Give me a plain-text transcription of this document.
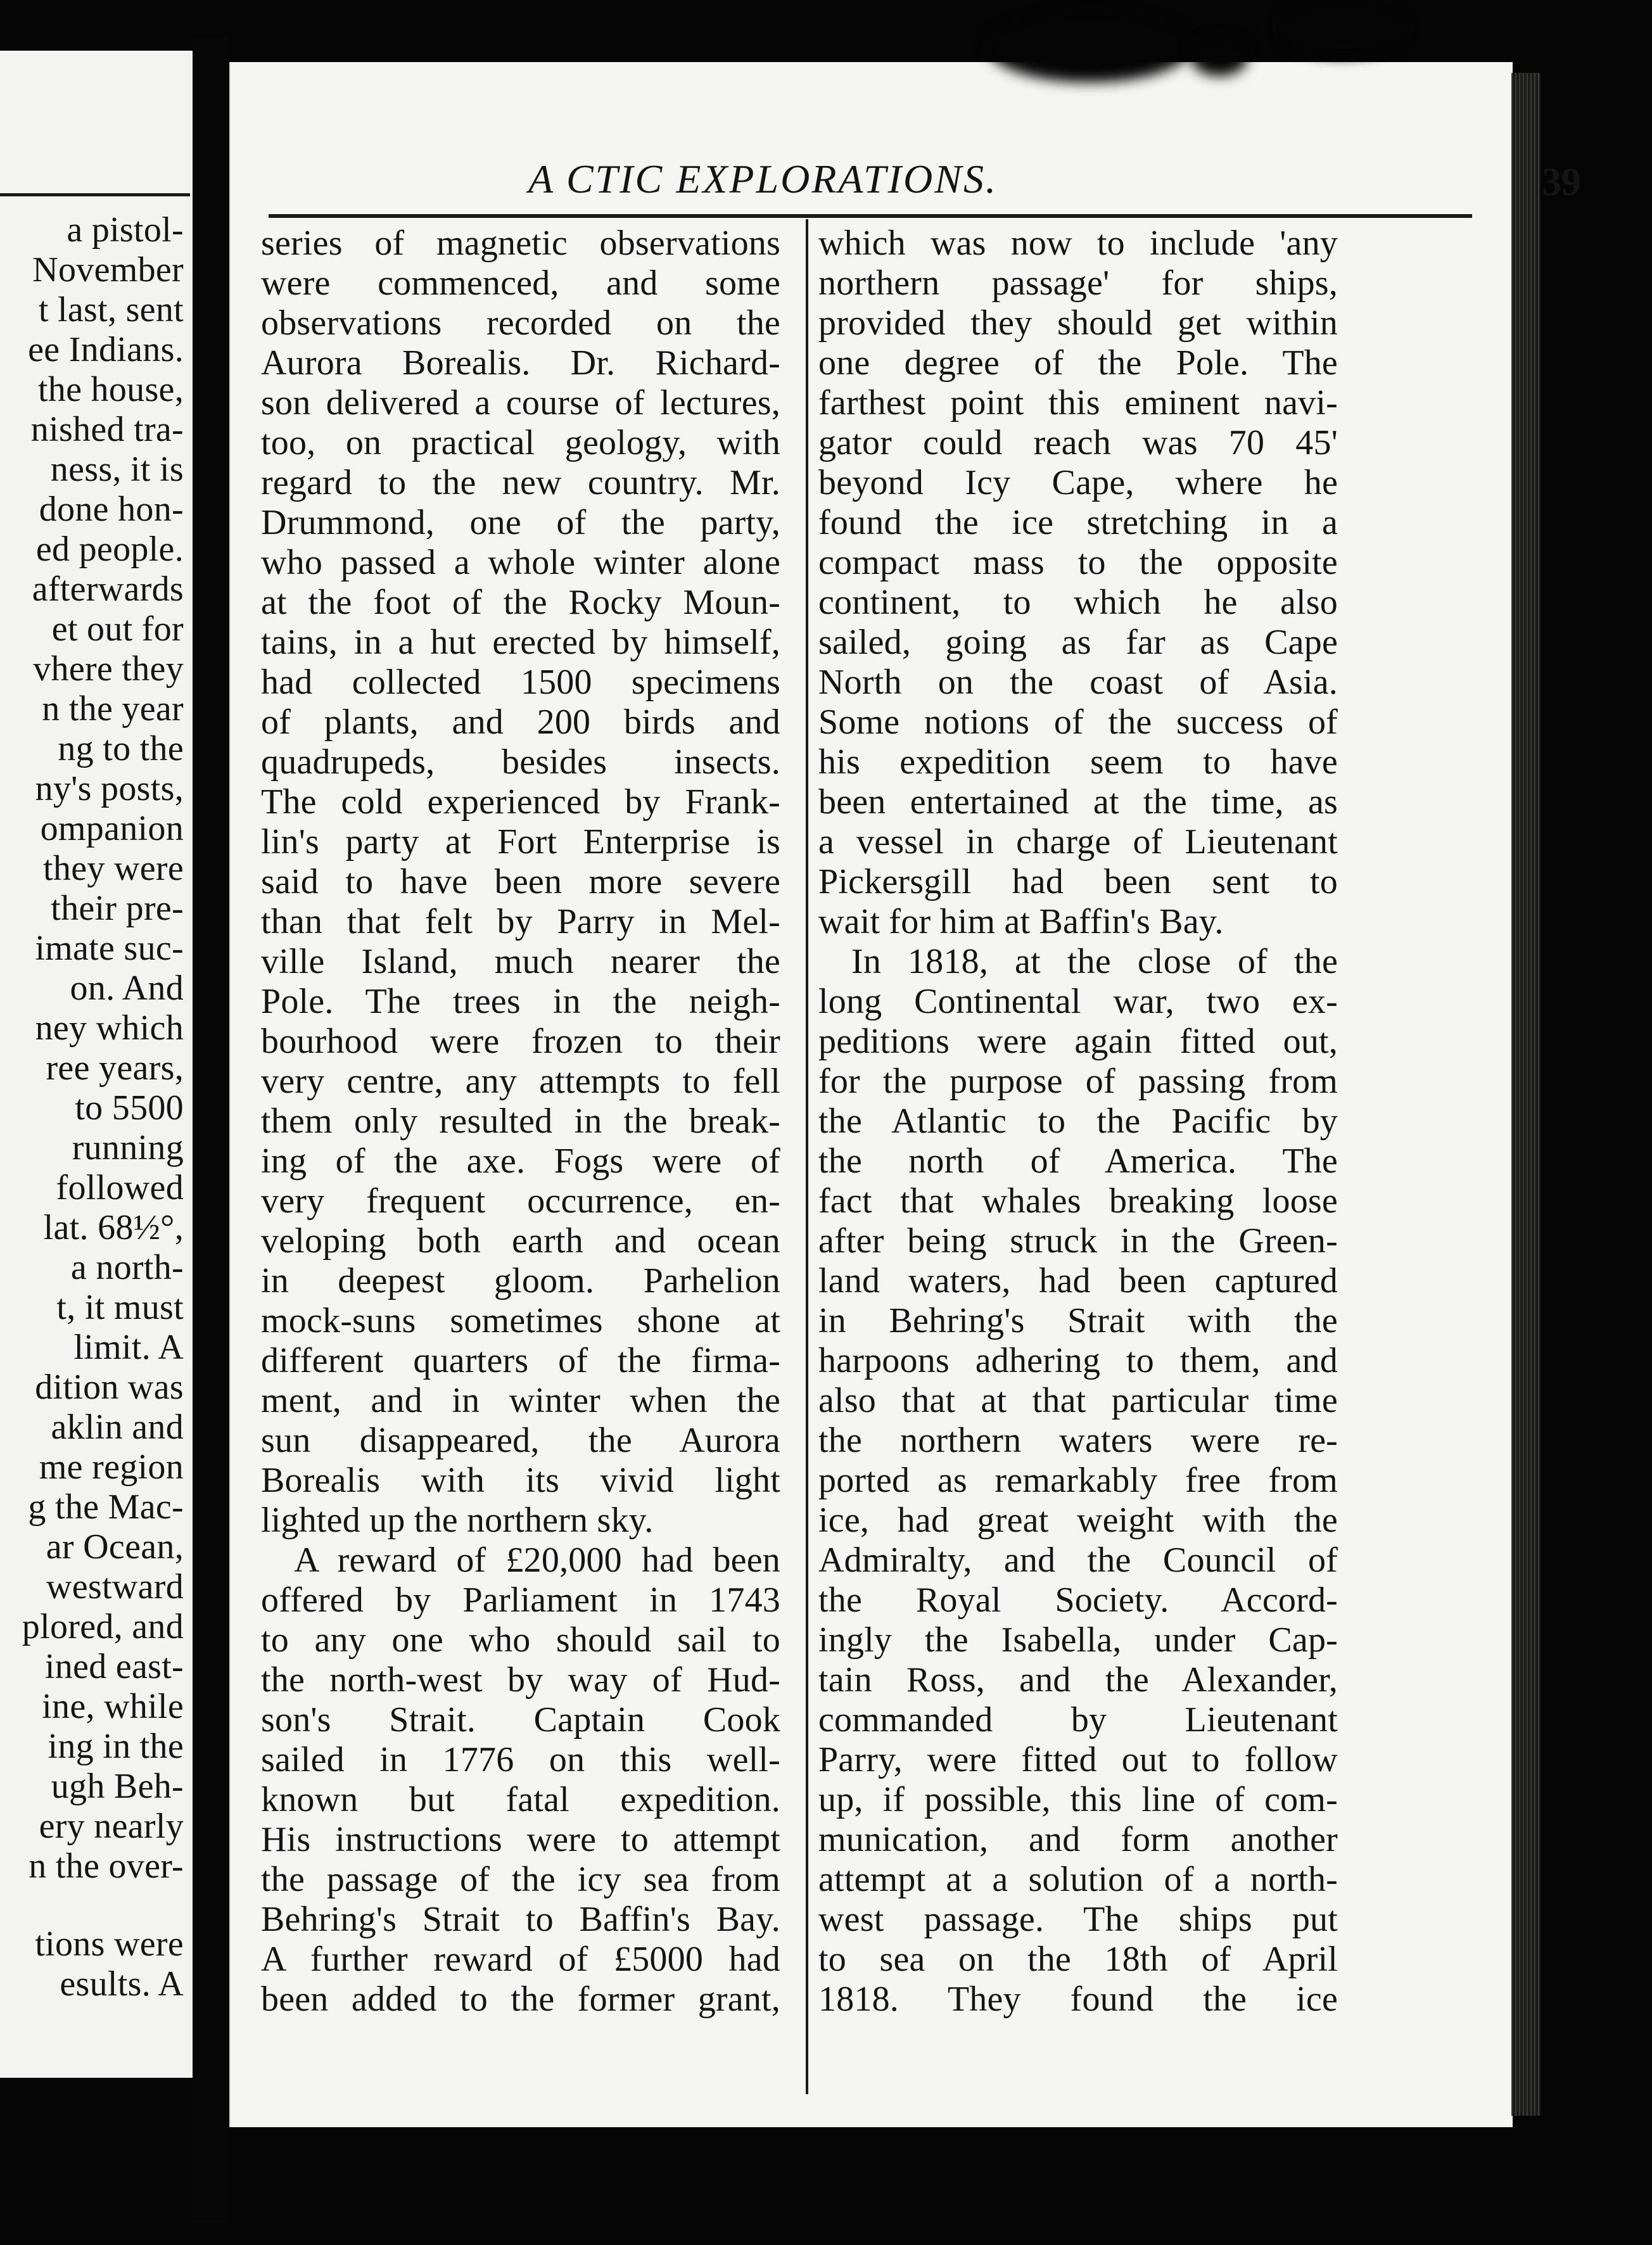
a pistol-
November
t last, sent
ee Indians.
the house,
nished tra-
ness, it is
done hon-
ed people.
afterwards
et out for
vhere they
n the year
ng to the
ny's posts,
ompanion
they were
their pre-
imate suc-
on. And
ney which
ree years,
to 5500
running
followed
lat. 68½°,
a north-
t, it must
limit. A
dition was
aklin and
me region
g the Mac-
ar Ocean,
westward
plored, and
ined east-
ine, while
ing in the
ugh Beh-
ery nearly
n the over-
tions were
esults. A
A CTIC EXPLORATIONS.	39
series of magnetic observations
were commenced, and some
observations recorded on the
Aurora Borealis. Dr. Richard-
son delivered a course of lectures,
too, on practical geology, with
regard to the new country. Mr.
Drummond, one of the party,
who passed a whole winter alone
at the foot of the Rocky Moun-
tains, in a hut erected by himself,
had collected 1500 specimens
of plants, and 200 birds and
quadrupeds, besides insects.
The cold experienced by Frank-
lin's party at Fort Enterprise is
said to have been more severe
than that felt by Parry in Mel-
ville Island, much nearer the
Pole. The trees in the neigh-
bourhood were frozen to their
very centre, any attempts to fell
them only resulted in the break-
ing of the axe. Fogs were of
very frequent occurrence, en-
veloping both earth and ocean
in deepest gloom. Parhelion
mock-suns sometimes shone at
different quarters of the firma-
ment, and in winter when the
sun disappeared, the Aurora
Borealis with its vivid light
lighted up the northern sky.
A reward of £20,000 had been
offered by Parliament in 1743
to any one who should sail to
the north-west by way of Hud-
son's Strait. Captain Cook
sailed in 1776 on this well-
known but fatal expedition.
His instructions were to attempt
the passage of the icy sea from
Behring's Strait to Baffin's Bay.
A further reward of £5000 had
been added to the former grant,
which was now to include 'any
northern passage' for ships,
provided they should get within
one degree of the Pole. The
farthest point this eminent navi-
gator could reach was 70 45'
beyond Icy Cape, where he
found the ice stretching in a
compact mass to the opposite
continent, to which he also
sailed, going as far as Cape
North on the coast of Asia.
Some notions of the success of
his expedition seem to have
been entertained at the time, as
a vessel in charge of Lieutenant
Pickersgill had been sent to
wait for him at Baffin's Bay.
In 1818, at the close of the
long Continental war, two ex-
peditions were again fitted out,
for the purpose of passing from
the Atlantic to the Pacific by
the north of America. The
fact that whales breaking loose
after being struck in the Green-
land waters, had been captured
in Behring's Strait with the
harpoons adhering to them, and
also that at that particular time
the northern waters were re-
ported as remarkably free from
ice, had great weight with the
Admiralty, and the Council of
the Royal Society. Accord-
ingly the Isabella, under Cap-
tain Ross, and the Alexander,
commanded by Lieutenant
Parry, were fitted out to follow
up, if possible, this line of com-
munication, and form another
attempt at a solution of a north-
west passage. The ships put
to sea on the 18th of April
1818. They found the ice
